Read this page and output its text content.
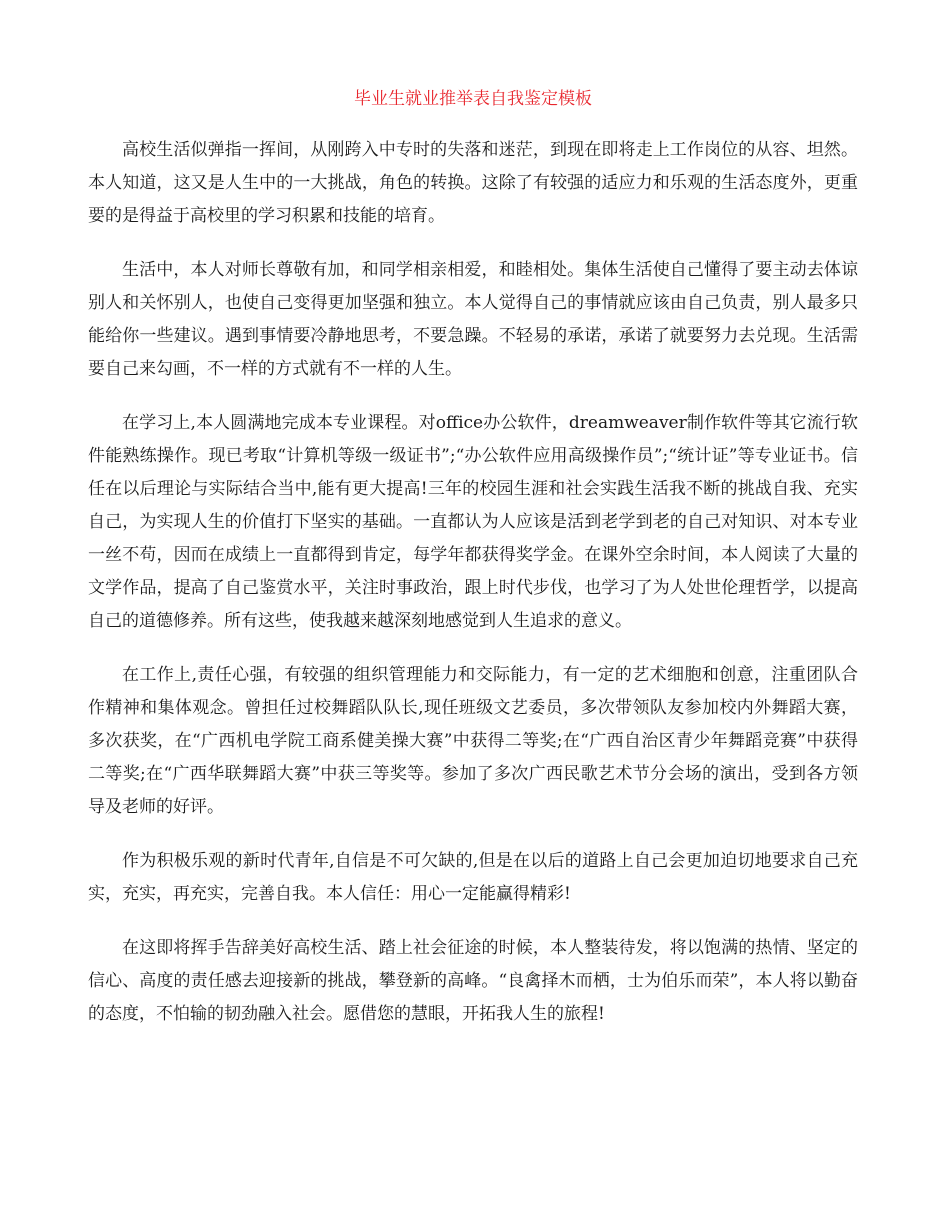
毕业生就业推举表自我鉴定模板

高校生活似弹指一挥间，从刚跨入中专时的失落和迷茫，到现在即将走上工作岗位的从容、坦然。本人知道，这又是人生中的一大挑战，角色的转换。这除了有较强的适应力和乐观的生活态度外，更重要的是得益于高校里的学习积累和技能的培育。

生活中，本人对师长尊敬有加，和同学相亲相爱，和睦相处。集体生活使自己懂得了要主动去体谅别人和关怀别人，也使自己变得更加坚强和独立。本人觉得自己的事情就应该由自己负责，别人最多只能给你一些建议。遇到事情要冷静地思考，不要急躁。不轻易的承诺，承诺了就要努力去兑现。生活需要自己来勾画，不一样的方式就有不一样的人生。

在学习上,本人圆满地完成本专业课程。对office办公软件，dreamweaver制作软件等其它流行软件能熟练操作。现已考取“计算机等级一级证书”;“办公软件应用高级操作员”;“统计证”等专业证书。信任在以后理论与实际结合当中,能有更大提高!三年的校园生涯和社会实践生活我不断的挑战自我、充实自己，为实现人生的价值打下坚实的基础。一直都认为人应该是活到老学到老的自己对知识、对本专业一丝不苟，因而在成绩上一直都得到肯定，每学年都获得奖学金。在课外空余时间，本人阅读了大量的文学作品，提高了自己鉴赏水平，关注时事政治，跟上时代步伐，也学习了为人处世伦理哲学，以提高自己的道德修养。所有这些，使我越来越深刻地感觉到人生追求的意义。

在工作上,责任心强，有较强的组织管理能力和交际能力，有一定的艺术细胞和创意，注重团队合作精神和集体观念。曾担任过校舞蹈队队长,现任班级文艺委员，多次带领队友参加校内外舞蹈大赛，多次获奖，在“广西机电学院工商系健美操大赛”中获得二等奖;在“广西自治区青少年舞蹈竞赛”中获得二等奖;在“广西华联舞蹈大赛”中获三等奖等。参加了多次广西民歌艺术节分会场的演出，受到各方领导及老师的好评。

作为积极乐观的新时代青年,自信是不可欠缺的,但是在以后的道路上自己会更加迫切地要求自己充实，充实，再充实，完善自我。本人信任：用心一定能赢得精彩!

在这即将挥手告辞美好高校生活、踏上社会征途的时候，本人整装待发，将以饱满的热情、坚定的信心、高度的责任感去迎接新的挑战，攀登新的高峰。“良禽择木而栖，士为伯乐而荣”，本人将以勤奋的态度，不怕输的韧劲融入社会。愿借您的慧眼，开拓我人生的旅程!
